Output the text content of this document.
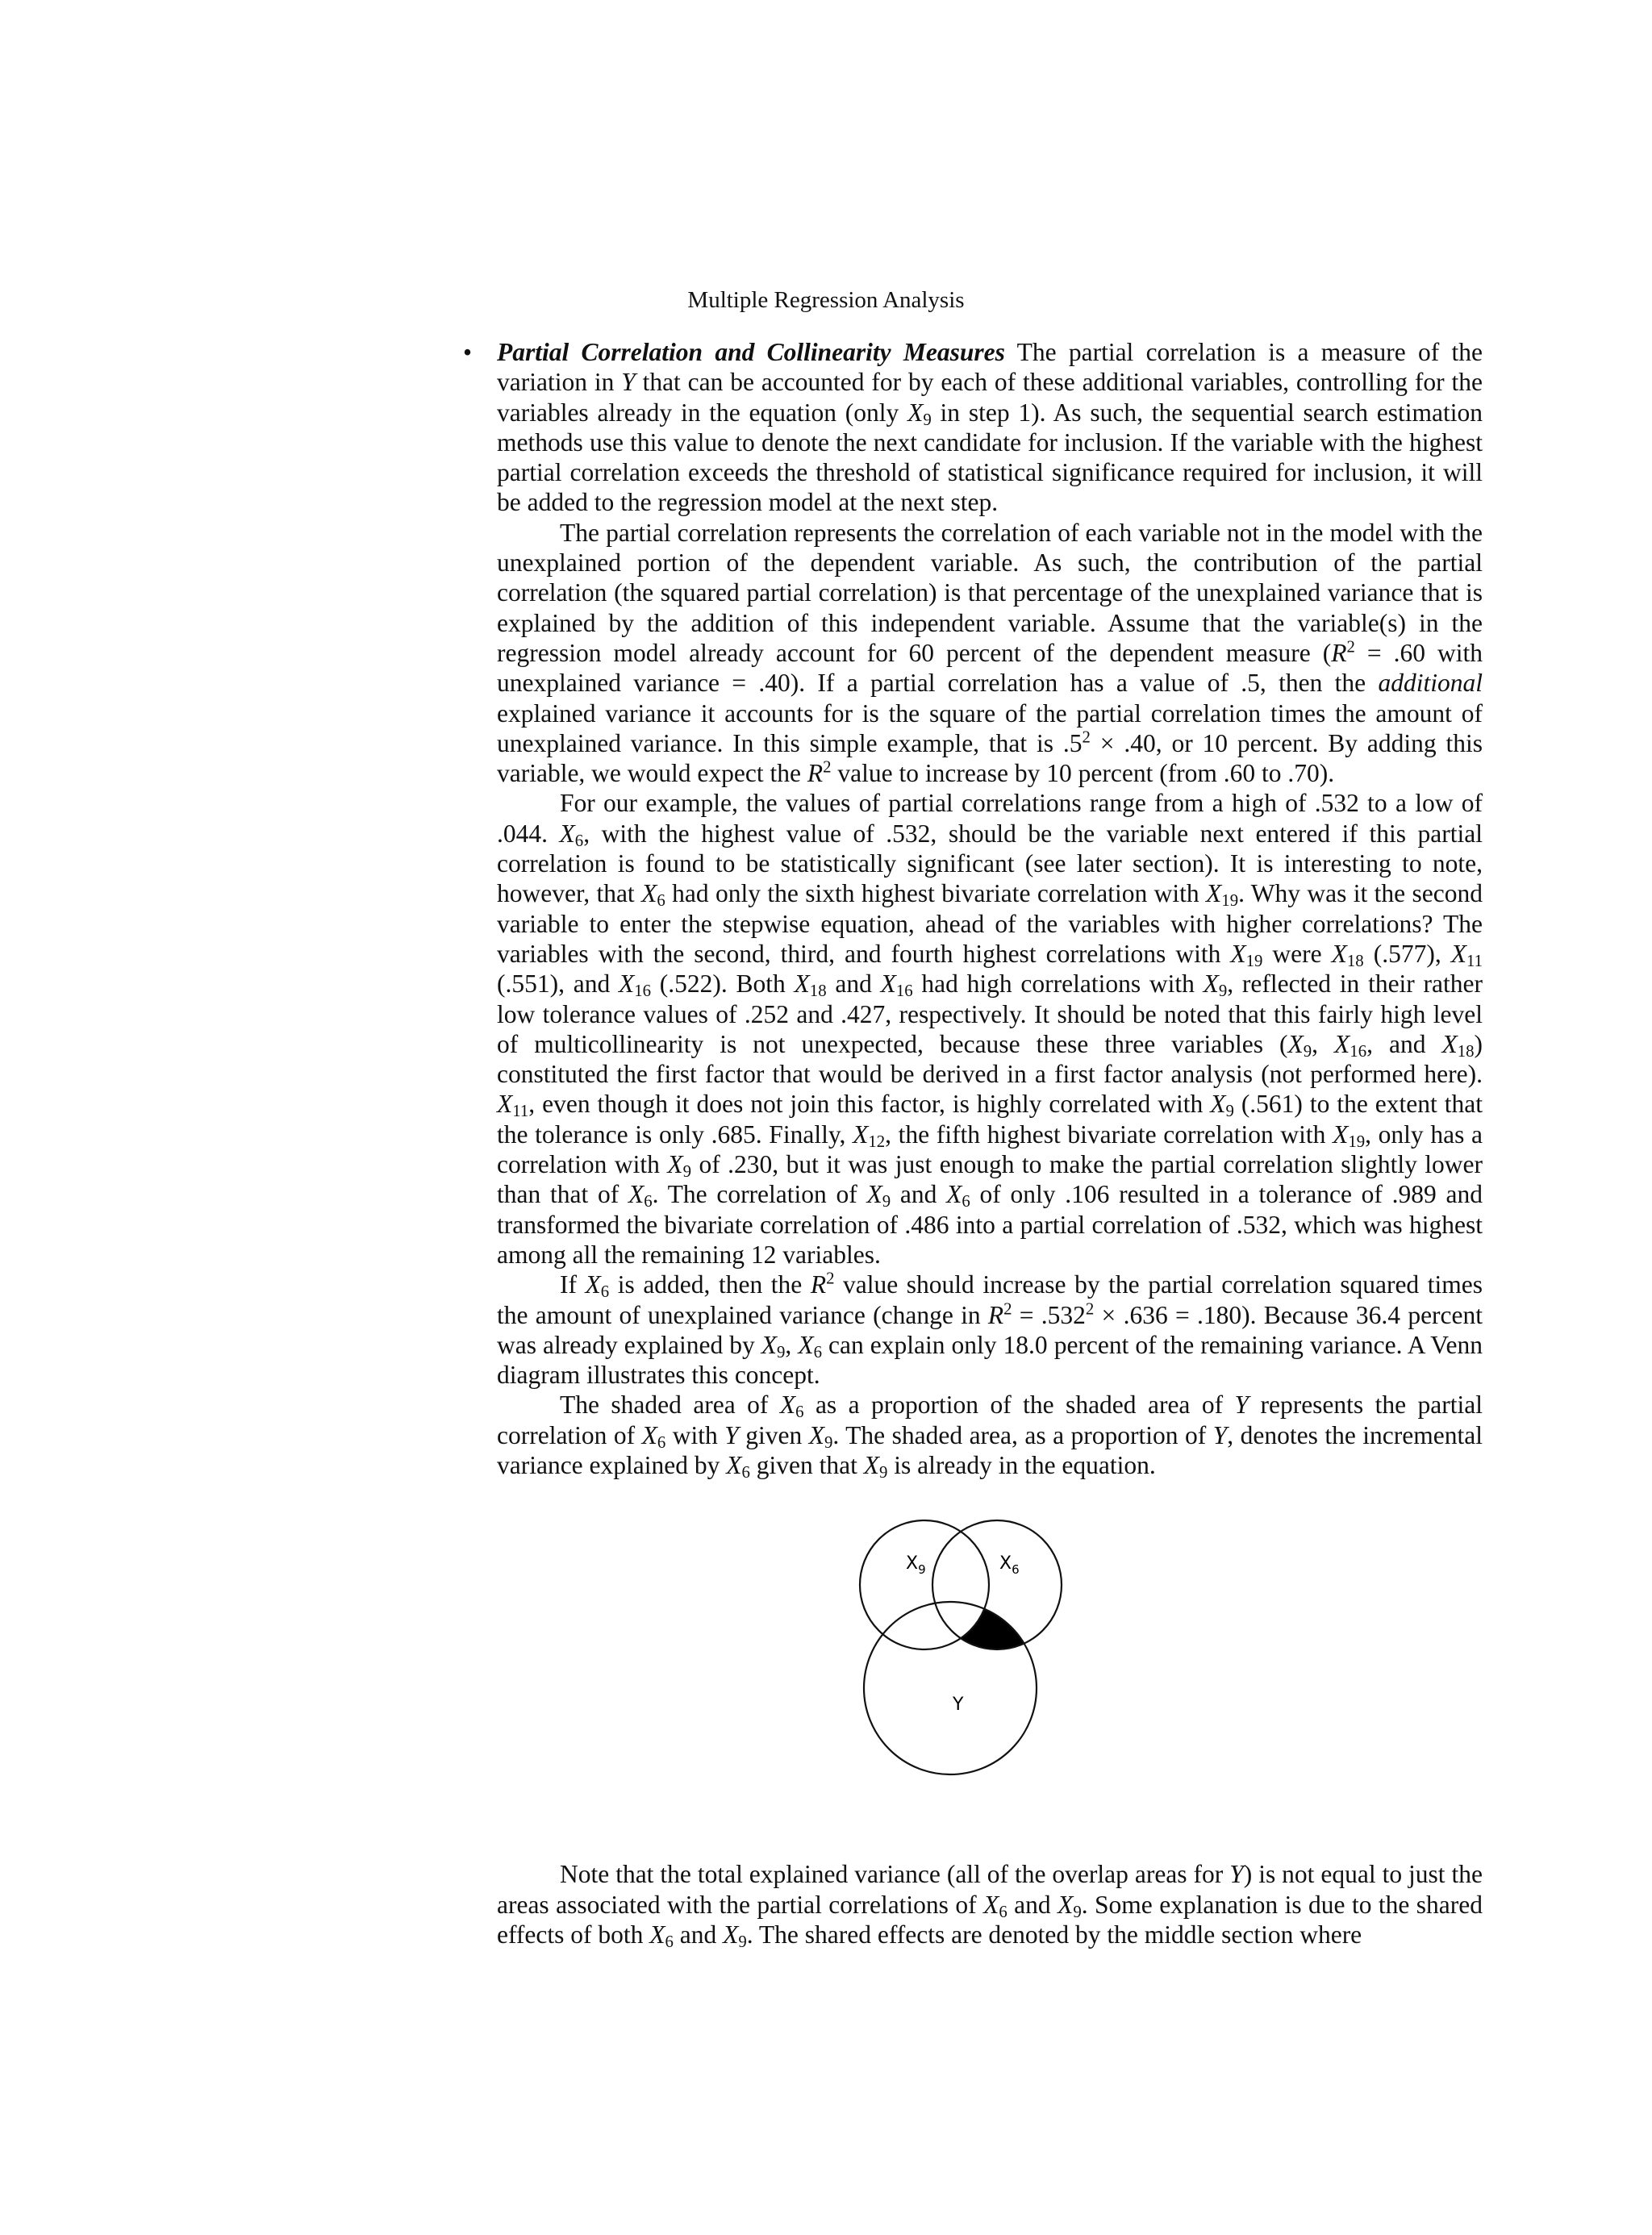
Multiple Regression Analysis

• Partial Correlation and Collinearity Measures The partial correlation is a measure of the variation in Y that can be accounted for by each of these additional variables, controlling for the variables already in the equation (only $X_9$ in step 1). As such, the sequential search estimation methods use this value to denote the next candidate for inclusion. If the variable with the highest partial correlation exceeds the threshold of statistical significance required for inclusion, it will be added to the regression model at the next step.

The partial correlation represents the correlation of each variable not in the model with the unexplained portion of the dependent variable. As such, the contribution of the partial correlation (the squared partial correlation) is that percentage of the unexplained variance that is explained by the addition of this independent variable. Assume that the variable(s) in the regression model already account for 60 percent of the dependent measure ($R^2 = .60$ with unexplained variance = .40). If a partial correlation has a value of .5, then the additional explained variance it accounts for is the square of the partial correlation times the amount of unexplained variance. In this simple example, that is $.5^2 \times .40$, or 10 percent. By adding this variable, we would expect the $R^2$ value to increase by 10 percent (from .60 to .70).

For our example, the values of partial correlations range from a high of .532 to a low of .044. $X_6$, with the highest value of .532, should be the variable next entered if this partial correlation is found to be statistically significant (see later section). It is interesting to note, however, that $X_6$ had only the sixth highest bivariate correlation with $X_{19}$. Why was it the second variable to enter the stepwise equation, ahead of the variables with higher correlations? The variables with the second, third, and fourth highest correlations with $X_{19}$ were $X_{18}$ (.577), $X_{11}$ (.551), and $X_{16}$ (.522). Both $X_{18}$ and $X_{16}$ had high correlations with $X_9$, reflected in their rather low tolerance values of .252 and .427, respectively. It should be noted that this fairly high level of multicollinearity is not unexpected, because these three variables ($X_9$, $X_{16}$, and $X_{18}$) constituted the first factor that would be derived in a first factor analysis (not performed here). $X_{11}$, even though it does not join this factor, is highly correlated with $X_9$ (.561) to the extent that the tolerance is only .685. Finally, $X_{12}$, the fifth highest bivariate correlation with $X_{19}$, only has a correlation with $X_9$ of .230, but it was just enough to make the partial correlation slightly lower than that of $X_6$. The correlation of $X_9$ and $X_6$ of only .106 resulted in a tolerance of .989 and transformed the bivariate correlation of .486 into a partial correlation of .532, which was highest among all the remaining 12 variables.

If $X_6$ is added, then the $R^2$ value should increase by the partial correlation squared times the amount of unexplained variance (change in $R^2 = .532^2 \times .636 = .180$). Because 36.4 percent was already explained by $X_9$, $X_6$ can explain only 18.0 percent of the remaining variance. A Venn diagram illustrates this concept.

The shaded area of $X_6$ as a proportion of the shaded area of Y represents the partial correlation of $X_6$ with Y given $X_9$. The shaded area, as a proportion of Y, denotes the incremental variance explained by $X_6$ given that $X_9$ is already in the equation.

$X_9$	$X_6$
Y

Note that the total explained variance (all of the overlap areas for Y) is not equal to just the areas associated with the partial correlations of $X_6$ and $X_9$. Some explanation is due to the shared effects of both $X_6$ and $X_9$. The shared effects are denoted by the middle section where
